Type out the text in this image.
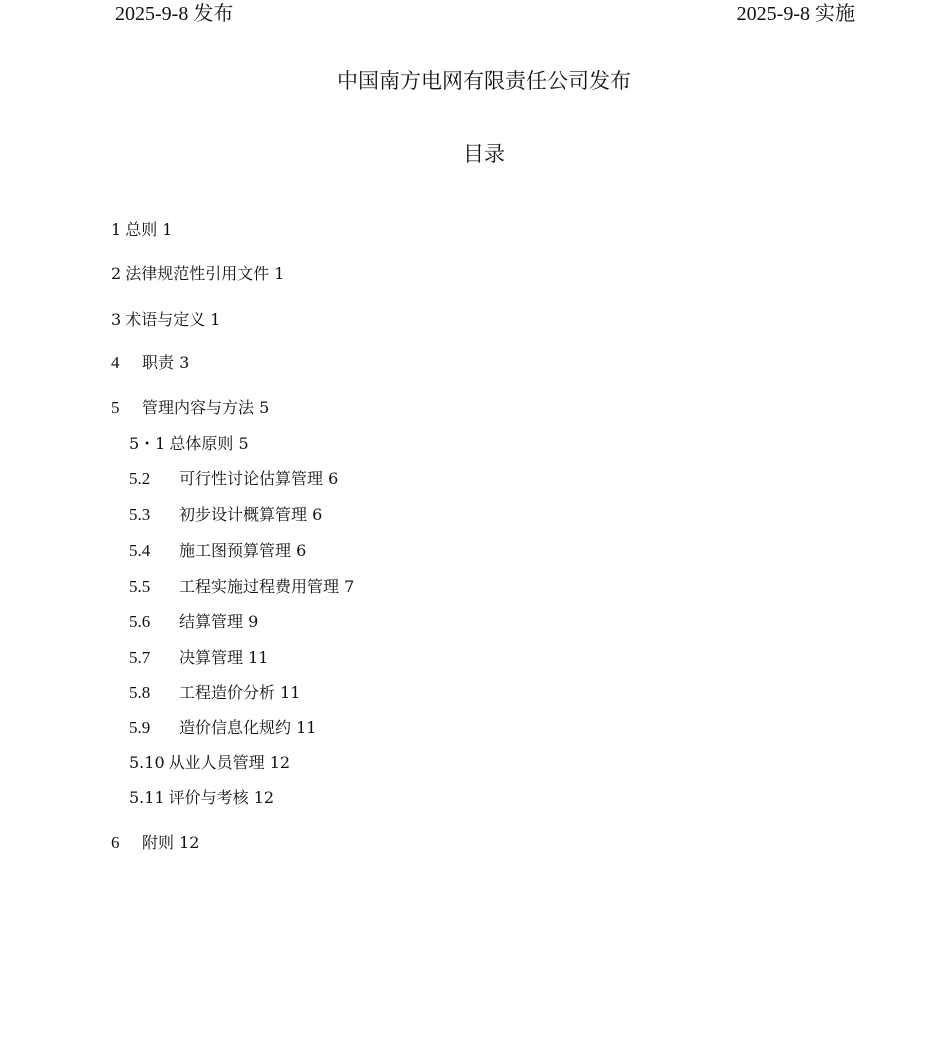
2025-9-8 发布	2025-9-8 实施
中国南方电网有限责任公司发布
目录
1 总则 1
2 法律规范性引用文件 1
3 术语与定义 1
4 职责 3
5 管理内容与方法 5
5・1 总体原则 5
5.2 可行性讨论估算管理 6
5.3 初步设计概算管理 6
5.4 施工图预算管理 6
5.5 工程实施过程费用管理 7
5.6 结算管理 9
5.7 决算管理 11
5.8 工程造价分析 11
5.9 造价信息化规约 11
5.10 从业人员管理 12
5.11 评价与考核 12
6 附则 12
